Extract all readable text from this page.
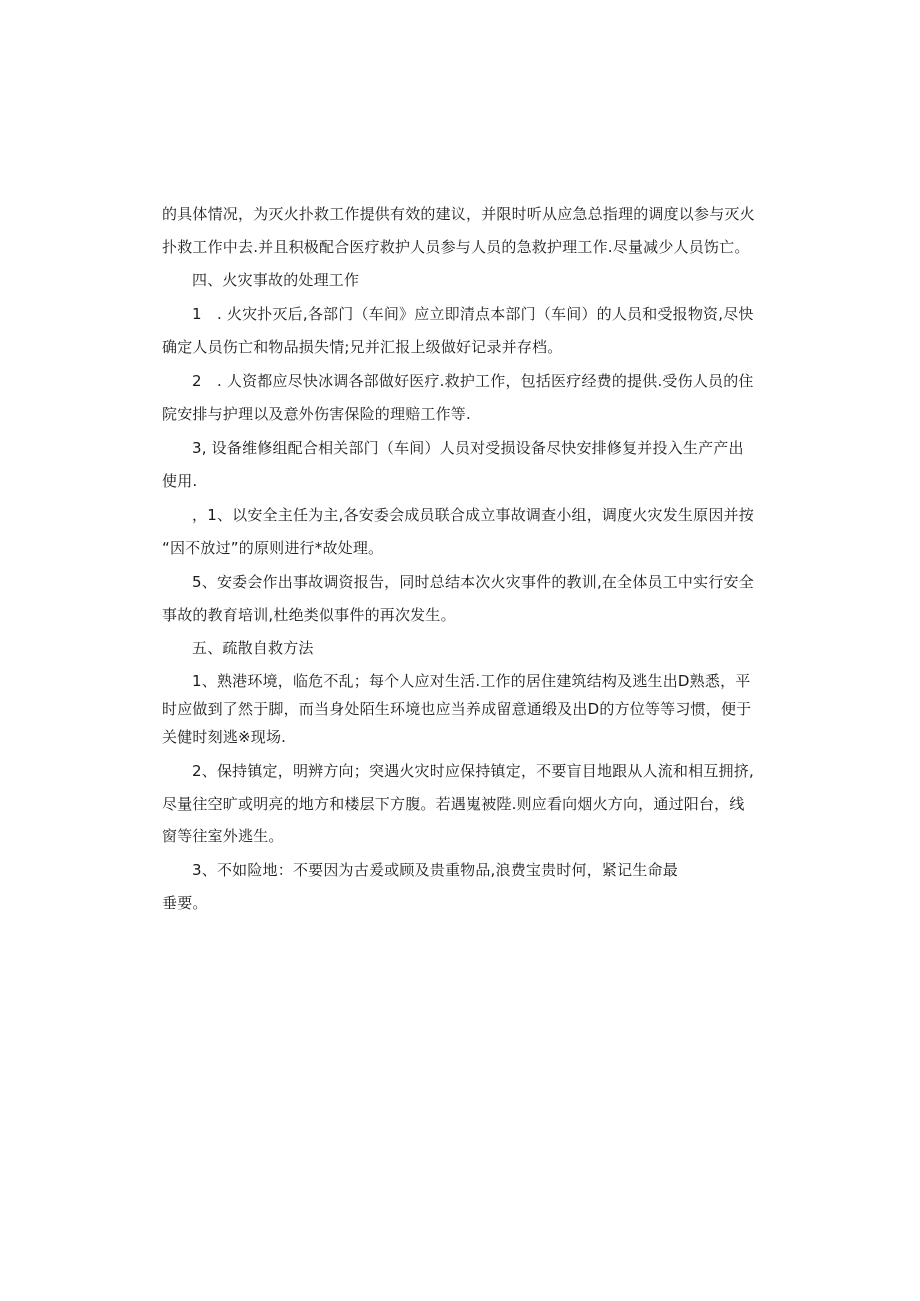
的具体情况，为灭火扑救工作提供有效的建议，并限时听从应急总指理的调度以参与灭火
扑救工作中去.并且积极配合医疗救护人员参与人员的急救护理工作.尽量减少人员饬亡。
四、火灾事故的处理工作
1　. 火灾扑灭后,各部门（车间》应立即清点本部门（车间）的人员和受报物资,尽快
确定人员伤亡和物品损失情;兄并汇报上级做好记录并存档。
2　. 人资都应尽快冰调各部做好医疗.救护工作，包括医疗经费的提供.受伤人员的住
院安排与护理以及意外伤害保险的理赔工作等.
3, 设备维修组配合相关部门（车间）人员对受损设备尽快安排修复并投入生产产出
使用.
，1、以安全主任为主,各安委会成员联合成立事故调查小组，调度火灾发生原因并按
“因不放过”的原则进行*故处理。
5、安委会作出事故调资报告，同时总结本次火灾事件的教训,在全体员工中实行安全
事故的教育培训,杜绝类似事件的再次发生。
五、疏散自救方法
1、熟港环境，临危不乱；每个人应对生活.工作的居住建筑结构及逃生出D熟悉，平
时应做到了然于脚，而当身处陌生环境也应当养成留意通缎及出D的方位等等习惯，便于
关健时刻逃※现场.
2、保持镇定，明辨方向；突遇火灾时应保持镇定，不要盲目地跟从人流和相互拥挤,
尽量往空旷或明亮的地方和楼层下方腹。若遇嵬被陛.则应看向烟火方向，通过阳台，线
窗等往室外逃生。
3、不如险地：不要因为古爰或顾及贵重物品,浪费宝贵时何，紧记生命最
垂要。
